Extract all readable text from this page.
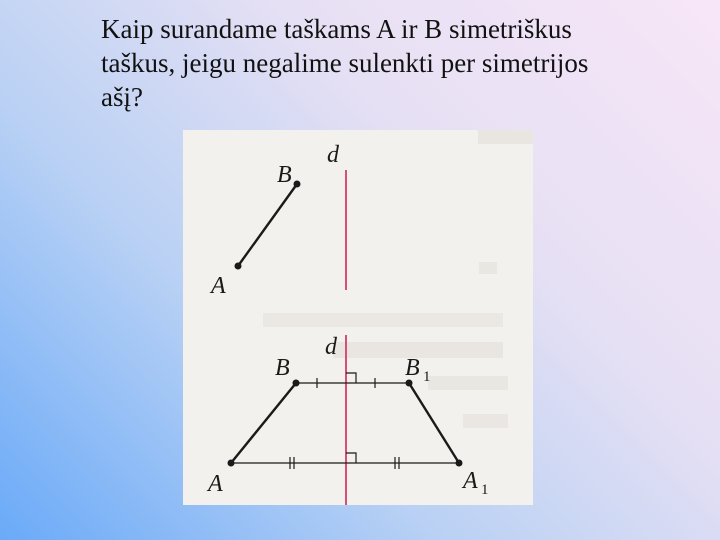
Kaip surandame taškams A ir B simetriškus
taškus, jeigu negalime sulenkti per simetrijos
ašį?
d
B
A
d
B	B 1
A	A 1
